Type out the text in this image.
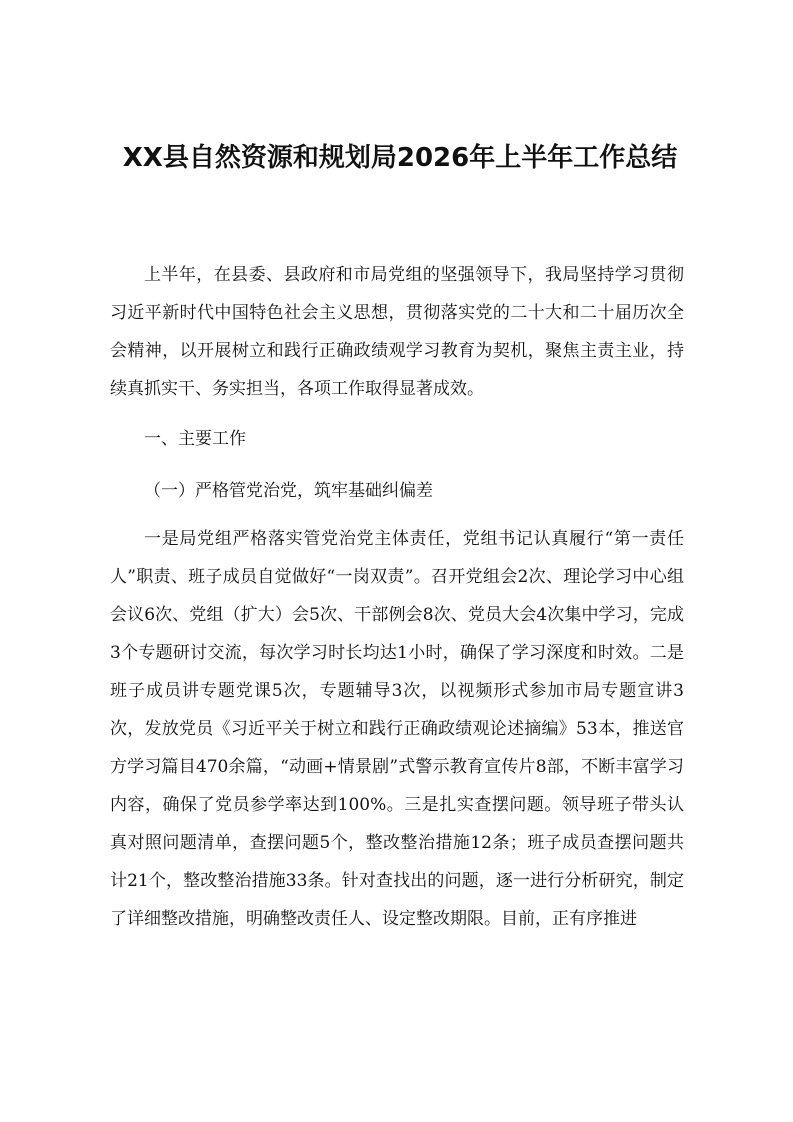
XX县自然资源和规划局2026年上半年工作总结

上半年，在县委、县政府和市局党组的坚强领导下，我局坚持学习贯彻习近平新时代中国特色社会主义思想，贯彻落实党的二十大和二十届历次全会精神，以开展树立和践行正确政绩观学习教育为契机，聚焦主责主业，持续真抓实干、务实担当，各项工作取得显著成效。

一、主要工作

（一）严格管党治党，筑牢基础纠偏差

一是局党组严格落实管党治党主体责任，党组书记认真履行“第一责任人”职责、班子成员自觉做好“一岗双责”。召开党组会2次、理论学习中心组会议6次、党组（扩大）会5次、干部例会8次、党员大会4次集中学习，完成3个专题研讨交流，每次学习时长均达1小时，确保了学习深度和时效。二是班子成员讲专题党课5次，专题辅导3次，以视频形式参加市局专题宣讲3次，发放党员《习近平关于树立和践行正确政绩观论述摘编》53本，推送官方学习篇目470余篇，“动画+情景剧”式警示教育宣传片8部，不断丰富学习内容，确保了党员参学率达到100%。三是扎实查摆问题。领导班子带头认真对照问题清单，查摆问题5个，整改整治措施12条；班子成员查摆问题共计21个，整改整治措施33条。针对查找出的问题，逐一进行分析研究，制定了详细整改措施，明确整改责任人、设定整改期限。目前，正有序推进
